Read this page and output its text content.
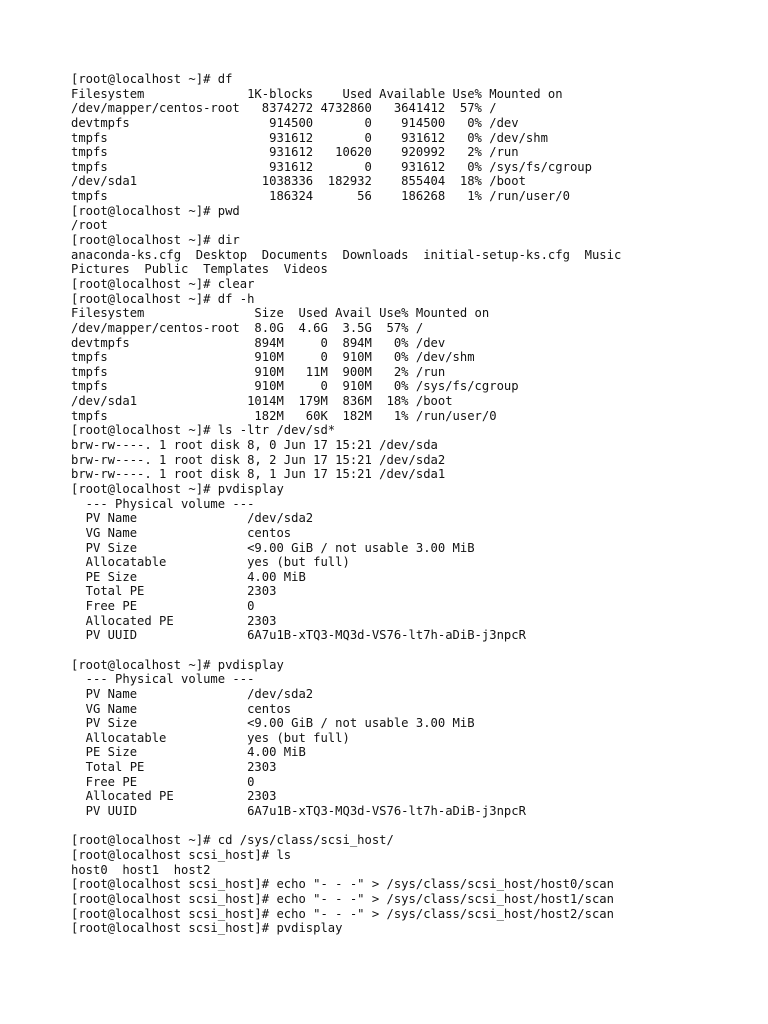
[root@localhost ~]# df
Filesystem              1K-blocks    Used Available Use% Mounted on
/dev/mapper/centos-root   8374272 4732860   3641412  57% /
devtmpfs                   914500       0    914500   0% /dev
tmpfs                      931612       0    931612   0% /dev/shm
tmpfs                      931612   10620    920992   2% /run
tmpfs                      931612       0    931612   0% /sys/fs/cgroup
/dev/sda1                 1038336  182932    855404  18% /boot
tmpfs                      186324      56    186268   1% /run/user/0
[root@localhost ~]# pwd
/root
[root@localhost ~]# dir
anaconda-ks.cfg  Desktop  Documents  Downloads  initial-setup-ks.cfg  Music
Pictures  Public  Templates  Videos
[root@localhost ~]# clear
[root@localhost ~]# df -h
Filesystem               Size  Used Avail Use% Mounted on
/dev/mapper/centos-root  8.0G  4.6G  3.5G  57% /
devtmpfs                 894M     0  894M   0% /dev
tmpfs                    910M     0  910M   0% /dev/shm
tmpfs                    910M   11M  900M   2% /run
tmpfs                    910M     0  910M   0% /sys/fs/cgroup
/dev/sda1               1014M  179M  836M  18% /boot
tmpfs                    182M   60K  182M   1% /run/user/0
[root@localhost ~]# ls -ltr /dev/sd*
brw-rw----. 1 root disk 8, 0 Jun 17 15:21 /dev/sda
brw-rw----. 1 root disk 8, 2 Jun 17 15:21 /dev/sda2
brw-rw----. 1 root disk 8, 1 Jun 17 15:21 /dev/sda1
[root@localhost ~]# pvdisplay
--- Physical volume ---
PV Name               /dev/sda2
VG Name               centos
PV Size               <9.00 GiB / not usable 3.00 MiB
Allocatable           yes (but full)
PE Size               4.00 MiB
Total PE              2303
Free PE               0
Allocated PE          2303
PV UUID               6A7u1B-xTQ3-MQ3d-VS76-lt7h-aDiB-j3npcR
[root@localhost ~]# pvdisplay
--- Physical volume ---
PV Name               /dev/sda2
VG Name               centos
PV Size               <9.00 GiB / not usable 3.00 MiB
Allocatable           yes (but full)
PE Size               4.00 MiB
Total PE              2303
Free PE               0
Allocated PE          2303
PV UUID               6A7u1B-xTQ3-MQ3d-VS76-lt7h-aDiB-j3npcR
[root@localhost ~]# cd /sys/class/scsi_host/
[root@localhost scsi_host]# ls
host0  host1  host2
[root@localhost scsi_host]# echo "- - -" > /sys/class/scsi_host/host0/scan
[root@localhost scsi_host]# echo "- - -" > /sys/class/scsi_host/host1/scan
[root@localhost scsi_host]# echo "- - -" > /sys/class/scsi_host/host2/scan
[root@localhost scsi_host]# pvdisplay
